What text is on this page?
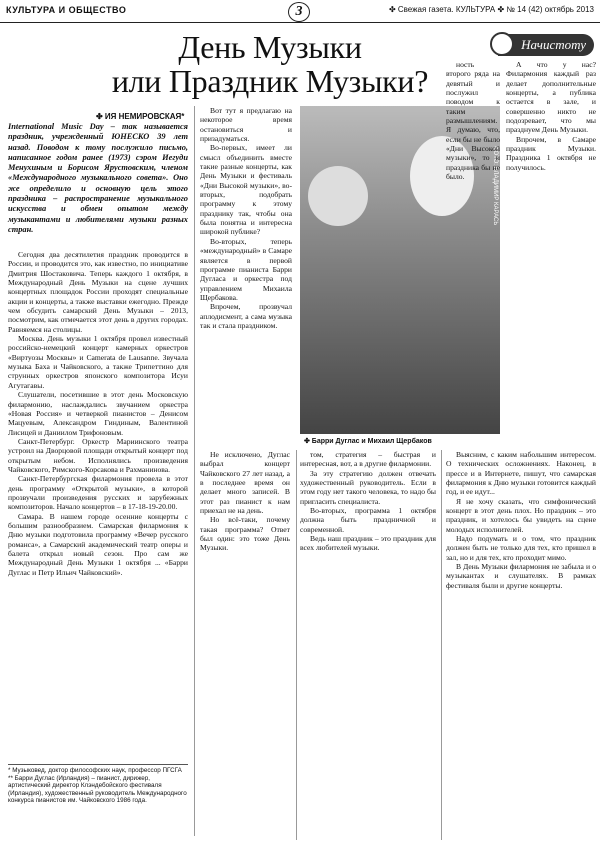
КУЛЬТУРА И ОБЩЕСТВО	3	✤ Свежая газета. КУЛЬТУРА ✤ № 14 (42) октябрь 2013
День Музыки
или Праздник Музыки?
Начистоту
✤ ИЯ НЕМИРОВСКАЯ*
International Music Day – так называется праздник, учрежденный ЮНЕСКО 39 лет назад. Поводом к тому послужило письмо, написанное годом ранее (1973) сэром Иегуди Менухиным и Борисом Ярустовским, членом «Международного музыкального совета». Оно же определило и основную цель этого праздника – распространение музыкального искусства и обмен опытом между музыкантами и любителями музыки разных стран.

Сегодня два десятилетия праздник проводится в России, и проводится это, как известно, по инициативе Дмитрия Шостаковича. Теперь каждого 1 октября, в Международный День Музыки на сцене лучших концертных площадок России проходят специальные акции и концерты, а также выставки ежегодно. Прежде чем обсудить самарский День Музыки – 2013, посмотрим, как отмечается этот день в других городах. Равняемся на столицы.

Москва. День музыки 1 октября провел известный российско-немецкий концерт камерных оркестров «Виртуозы Москвы» и Camerata de Lausanne. Звучала музыка Баха и Чайковского, а также Трипеттино для струнных оркестров японского композитора Исуи Агутагавы.

Слушатели, посетившие в этот день Московскую филармонию, наслаждались звучанием оркестра «Новая Россия» и четверкой пианистов – Денисом Мацуевым, Александром Гиндиным, Валентиной Лисицей и Даниилом Трифоновым.

Санкт-Петербург. Оркестр Мариинского театра устроил на Дворцовой площади открытый концерт под открытым небом. Исполнялись произведения Чайковского, Римского-Корсакова и Рахманинова.

Санкт-Петербургская филармония провела в этот день программу «Открытой музыки», в которой прозвучали произведения русских и зарубежных композиторов. Начало концертов – в 17-18-19-20.00.

Самара. В нашем городе осенние концерты с большим разнообразием. Самарская филармония к Дню музыки подготовила программу «Вечер русского романса», а Самарский академический театр оперы и балета открыл новый сезон. Про сам же Международный День Музыки 1 октября ... «Барри Дуглас и Петр Ильич Чайковский».

Вот тут я предлагаю на некоторое время остановиться и призадуматься.

Во-первых, имеет ли смысл объединить вместе такие разные концерты, как День Музыки и фестиваль «Дни Высокой музыки», во-вторых, подобрать программу к этому празднику так, чтобы она была понятна и интересна широкой публике?

Во-вторых, теперь «международный» в Самаре является в первой программе пианиста Барри Дугласа и оркестра под управлением Михаила Щербакова.

Впрочем, прозвучал аплодисмент, а сама музыка так и стала праздником.

ФОТО: ВЛАДИМИР КАРАСЬ
✤ Барри Дуглас и Михаил Щербаков

А что у нас? Филармония каждый раз делает дополнительные концерты, а публика остается в зале, и совершенно никто не подозревает, что мы празднуем День Музыки.

Впрочем, в Самаре праздник Музыки. Праздника 1 октября не получилось.

ность второго ряда на девятый и послужил поводом к таким размышлениям. Я думаю, что, если бы не было «Дни Высокой музыки», то и праздника бы не было.

том, стратегия – быстрая и интересная, вот, а в другие филармонии.

За эту стратегию должен отвечать художественный руководитель. Если в этом году нет такого человека, то надо бы пригласить специалиста.

Во-вторых, программа 1 октября должна быть праздничной и современной.

Ведь наш праздник – это праздник для всех любителей музыки.

Не исключено, Дуглас выбрал концерт Чайковского 27 лет назад, а в последнее время он делает много записей. В этот раз пианист к нам приехал не на день.

Но всё-таки, почему такая программа? Ответ был один: это тоже День Музыки.

Выясним, с каким набольшим интересом. О технических осложнениях. Наконец, в прессе и в Интернете, пишут, что самарская филармония к Дню музыки готовится каждый год, и ее идут...

Я не хочу сказать, что симфонический концерт в этот день плох. Но праздник – это праздник, и хотелось бы увидеть на сцене молодых исполнителей.

Надо подумать и о том, что праздник должен быть не только для тех, кто пришел в зал, но и для тех, кто проходит мимо.

В День Музыки филармония не забыла и о музыкантах и слушателях. В рамках фестиваля были и другие концерты.

* Музыковед, доктор философских наук, профессор ПГСГА
** Барри Дуглас (Ирландия) – пианист, дирижер, артистический директор Клэндебойского фестиваля (Ирландия), художественный руководитель Международного конкурса пианистов им. Чайковского 1986 года.
